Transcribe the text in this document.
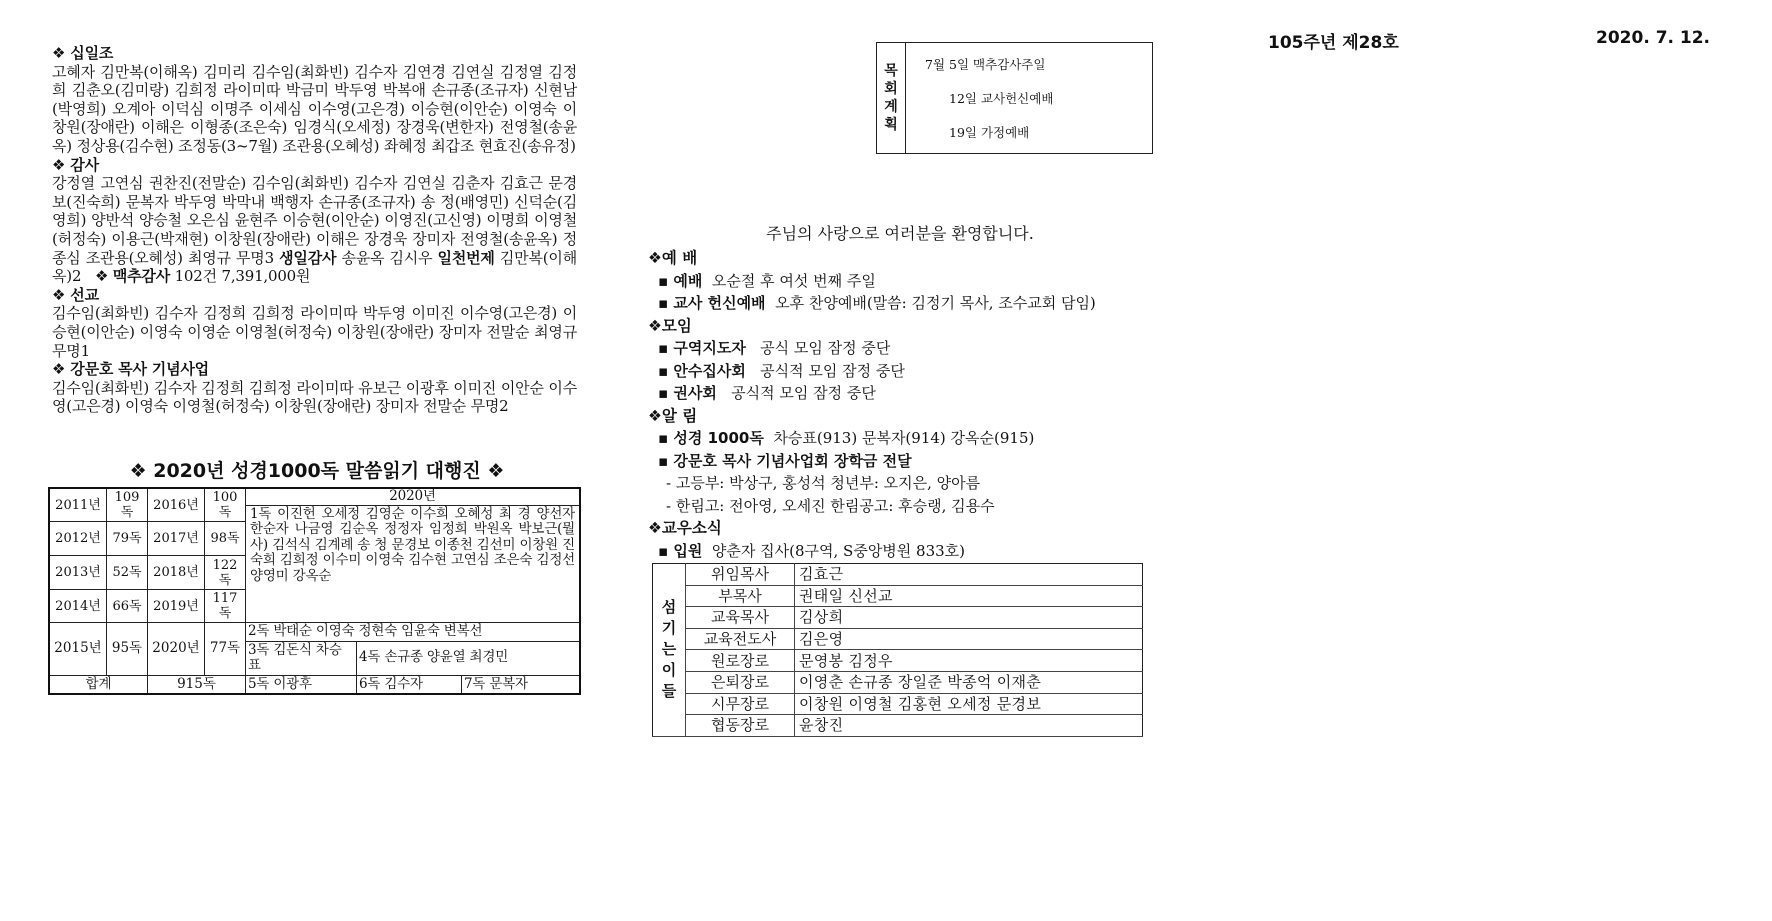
105주년 제28호	2020. 7. 12.
❖ 십일조
고혜자 김만복(이해옥) 김미리 김수임(최화빈) 김수자 김연경 김연실 김정열 김정희 김춘오(김미랑) 김희정 라이미따 박금미 박두영 박복애 손규종(조규자) 신현남(박영희) 오계아 이덕심 이명주 이세심 이수영(고은경) 이승현(이안순) 이영숙 이창원(장애란) 이해은 이형종(조은숙) 임경식(오세정) 장경욱(변한자) 전영철(송윤옥) 정상용(김수현) 조정동(3~7월) 조관용(오혜성) 좌혜정 최갑조 현효진(송유정)
❖ 감사
강정열 고연심 권찬진(전말순) 김수임(최화빈) 김수자 김연실 김춘자 김효근 문경보(진숙희) 문복자 박두영 박막내 백행자 손규종(조규자) 송 정(배영민) 신덕순(김영희) 양반석 양승철 오은심 윤현주 이승현(이안순) 이영진(고신영) 이명희 이영철(허정숙) 이용근(박재현) 이창원(장애란) 이해은 장경욱 장미자 전영철(송윤옥) 정종심 조관용(오혜성) 최영규 무명3 생일감사 송윤옥 김시우 일천번제 김만복(이해옥)2 ❖ 맥추감사 102건 7,391,000원
❖ 선교
김수임(최화빈) 김수자 김정희 김희정 라이미따 박두영 이미진 이수영(고은경) 이승현(이안순) 이영숙 이영순 이영철(허정숙) 이창원(장애란) 장미자 전말순 최영규 무명1
❖ 강문호 목사 기념사업
김수임(최화빈) 김수자 김정희 김희정 라이미따 유보근 이광후 이미진 이안순 이수영(고은경) 이영숙 이영철(허정숙) 이창원(장애란) 장미자 전말순 무명2
❖ 2020년 성경1000독 말씀읽기 대행진 ❖
2011년	109독	2016년	100독	2020년
1독 이진헌 오세정 김영순 이수희 오혜성 최 경 양선자 한순자 나금영 김순옥 정정자 임정희 박원옥 박보근(뭘 사) 김석식 김계례 송 청 문경보 이종천 김선미 이창원 진숙희 김희정 이수미 이영숙 김수현 고연심 조은숙 김정선 양영미 강옥순		

2012년	79독	2017년	98독			
2013년	52독	2018년	122독			
2014년	66독	2019년	117독			
2015년	95독	2020년	77독	2독 박태순 이영숙 정현숙 임윤숙 변복선		
				3독 김돈식 차승표	4독 손규종 양윤열 최경민	
합계		915독		5독 이광후	6독 김수자	7독 문복자
목
회
계
획
7월 5일 맥추감사주일
12일 교사헌신예배
19일 가정예배
주님의 사랑으로 여러분을 환영합니다.
❖예 배
▪ 예배 오순절 후 여섯 번째 주일
▪ 교사 헌신예배 오후 찬양예배(말씀: 김정기 목사, 조수교회 담임)
❖모임
▪ 구역지도자 공식 모임 잠정 중단
▪ 안수집사회 공식적 모임 잠정 중단
▪ 권사회 공식적 모임 잠정 중단
❖알 림
▪ 성경 1000독 차승표(913) 문복자(914) 강옥순(915)
▪ 강문호 목사 기념사업회 장학금 전달
- 고등부: 박상구, 홍성석 청년부: 오지은, 양아름
- 한림고: 전아영, 오세진 한림공고: 후승랭, 김용수
❖교우소식
▪ 입원 양춘자 집사(8구역, S중앙병원 833호)
섬기는 이들	위임목사	김효근
	부목사	권태일 신선교
	교육목사	김상희
	교육전도사	김은영
	원로장로	문영봉 김정우
	은퇴장로	이영춘 손규종 장일준 박종억 이재춘
	시무장로	이창원 이영철 김홍현 오세정 문경보
	협동장로	윤창진
